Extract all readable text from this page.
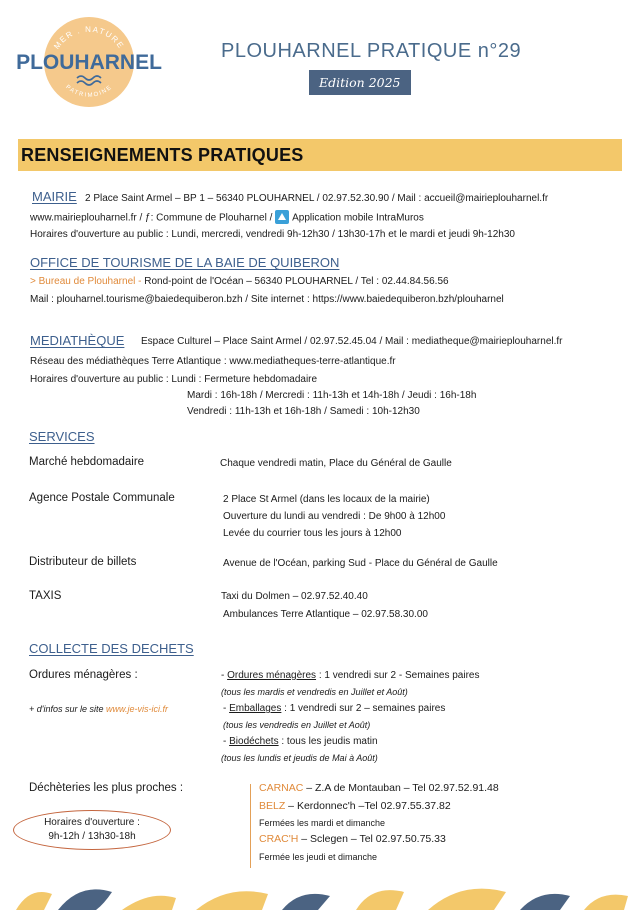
MER . NATURE
PLOUHARNEL
PATRIMOINE
PLOUHARNEL PRATIQUE n°29
Edition 2025
RENSEIGNEMENTS PRATIQUES
MAIRIE 2 Place Saint Armel – BP 1 – 56340 PLOUHARNEL / 02.97.52.30.90 / Mail : accueil@mairieplouharnel.fr
www.mairieplouharnel.fr / ƒ: Commune de Plouharnel / Application mobile IntraMuros
Horaires d'ouverture au public : Lundi, mercredi, vendredi 9h-12h30 / 13h30-17h et le mardi et jeudi 9h-12h30
OFFICE DE TOURISME DE LA BAIE DE QUIBERON
> Bureau de Plouharnel - Rond-point de l'Océan – 56340 PLOUHARNEL / Tel : 02.44.84.56.56
Mail : plouharnel.tourisme@baiedequiberon.bzh / Site internet : https://www.baiedequiberon.bzh/plouharnel
MEDIATHÈQUE Espace Culturel – Place Saint Armel / 02.97.52.45.04 / Mail : mediatheque@mairieplouharnel.fr
Réseau des médiathèques Terre Atlantique : www.mediatheques-terre-atlantique.fr
Horaires d'ouverture au public : Lundi : Fermeture hebdomadaire
Mardi : 16h-18h / Mercredi : 11h-13h et 14h-18h / Jeudi : 16h-18h
Vendredi : 11h-13h et 16h-18h / Samedi : 10h-12h30
SERVICES
Marché hebdomadaire	Chaque vendredi matin, Place du Général de Gaulle
Agence Postale Communale	2 Place St Armel (dans les locaux de la mairie)
Ouverture du lundi au vendredi : De 9h00 à 12h00
Levée du courrier tous les jours à 12h00
Distributeur de billets	Avenue de l'Océan, parking Sud - Place du Général de Gaulle
TAXIS	Taxi du Dolmen – 02.97.52.40.40
Ambulances Terre Atlantique – 02.97.58.30.00
COLLECTE DES DECHETS
Ordures ménagères :
+ d'infos sur le site www.je-vis-ici.fr
- Ordures ménagères : 1 vendredi sur 2 - Semaines paires
(tous les mardis et vendredis en Juillet et Août)
- Emballages : 1 vendredi sur 2 – semaines paires
(tous les vendredis en Juillet et Août)
- Biodéchets : tous les jeudis matin
(tous les lundis et jeudis de Mai à Août)
Déchèteries les plus proches :
Horaires d'ouverture :
9h-12h / 13h30-18h
CARNAC – Z.A de Montauban – Tel 02.97.52.91.48
BELZ – Kerdonnec'h –Tel 02.97.55.37.82
Fermées les mardi et dimanche
CRAC'H – Sclegen – Tel 02.97.50.75.33
Fermée les jeudi et dimanche
